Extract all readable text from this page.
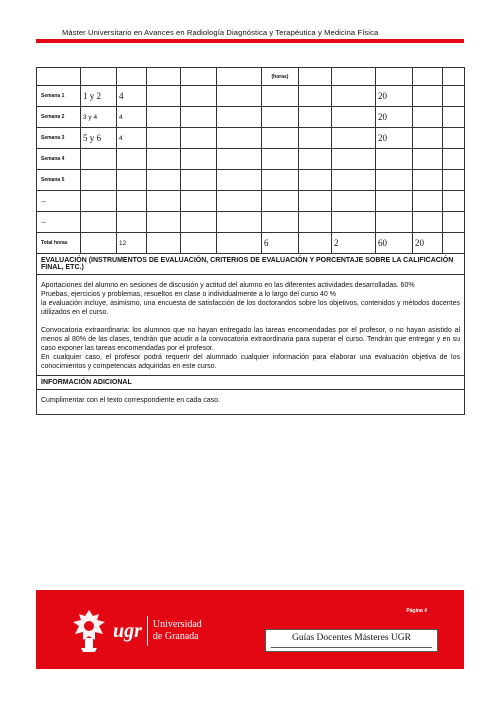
Máster Universitario en Avances en Radiología Diagnóstica y Terapéutica y Medicina Física
						(horas)					
Semana 1	1 y 2	4							20		
Semana 2	3 y 4	4							20		
Semana 3	5 y 6	4							20		
Semana 4											
Semana 5											
…											
…											
Total horas		12				6		2	60	20	
EVALUACIÓN (INSTRUMENTOS DE EVALUACIÓN, CRITERIOS DE EVALUACIÓN Y PORCENTAJE SOBRE LA CALIFICACIÓN FINAL, ETC.)											

Aportaciones del alumno en sesiones de discusión y actitud del alumno en las diferentes actividades desarrolladas. 60%

Pruebas, ejercicios y problemas, resueltos en clase o individualmente a lo largo del curso 40 %

la evaluación incluye, asimismo, una encuesta de satisfacción de los doctorandos sobre los objetivos, contenidos y métodos docentes utilizados en el curso.

Convocatoria extraordinaria: los alumnos que no hayan entregado las tareas encomendadas por el profesor, o no hayan asistido al menos al 80% de las clases, tendrán que acudir a la convocatoria extraordinaria para superar el curso. Tendrán que entregar y en su caso exponer las tareas encomendadas por el profesor.

En cualquier caso, el profesor podrá requerir del alumnado cualquier información para elaborar una evaluación objetiva de los conocimientos y competencias adquiridas en este curso.											

INFORMACIÓN ADICIONAL											
Cumplimentar con el texto correspondiente en cada caso.											
Página 4
ugr Universidad
de Granada	Guías Docentes Másteres UGR
